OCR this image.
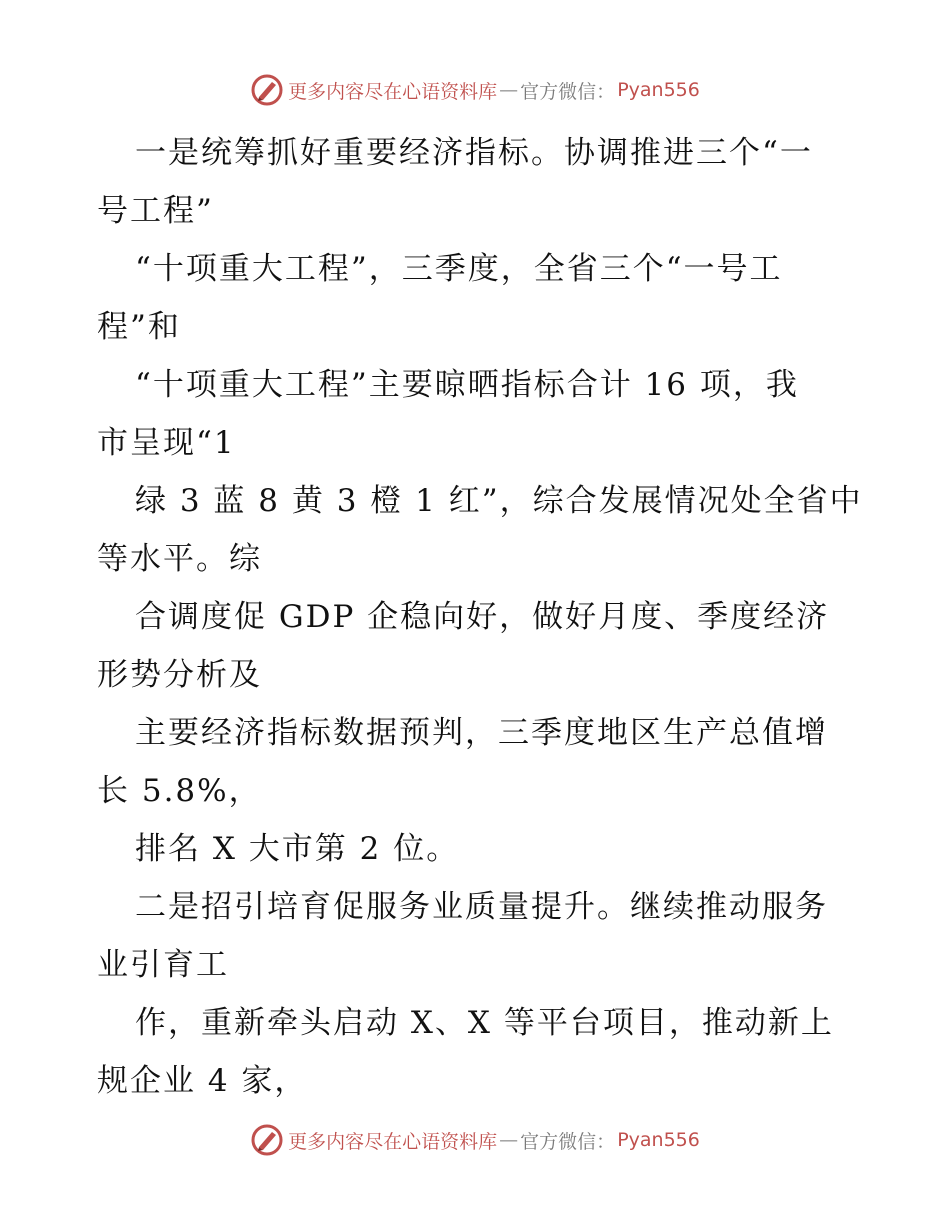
更多内容尽在心语资料库 — 官方微信： Pyan556
一是统筹抓好重要经济指标。协调推进三个“一
号工程”
“十项重大工程”，三季度，全省三个“一号工
程”和
“十项重大工程”主要晾晒指标合计 16 项，我
市呈现“1
绿 3 蓝 8 黄 3 橙 1 红”，综合发展情况处全省中
等水平。综
合调度促 GDP 企稳向好，做好月度、季度经济
形势分析及
主要经济指标数据预判，三季度地区生产总值增
长 5.8%，
排名 X 大市第 2 位。
二是招引培育促服务业质量提升。继续推动服务
业引育工
作，重新牵头启动 X、X 等平台项目，推动新上
规企业 4 家，
更多内容尽在心语资料库 — 官方微信： Pyan556
